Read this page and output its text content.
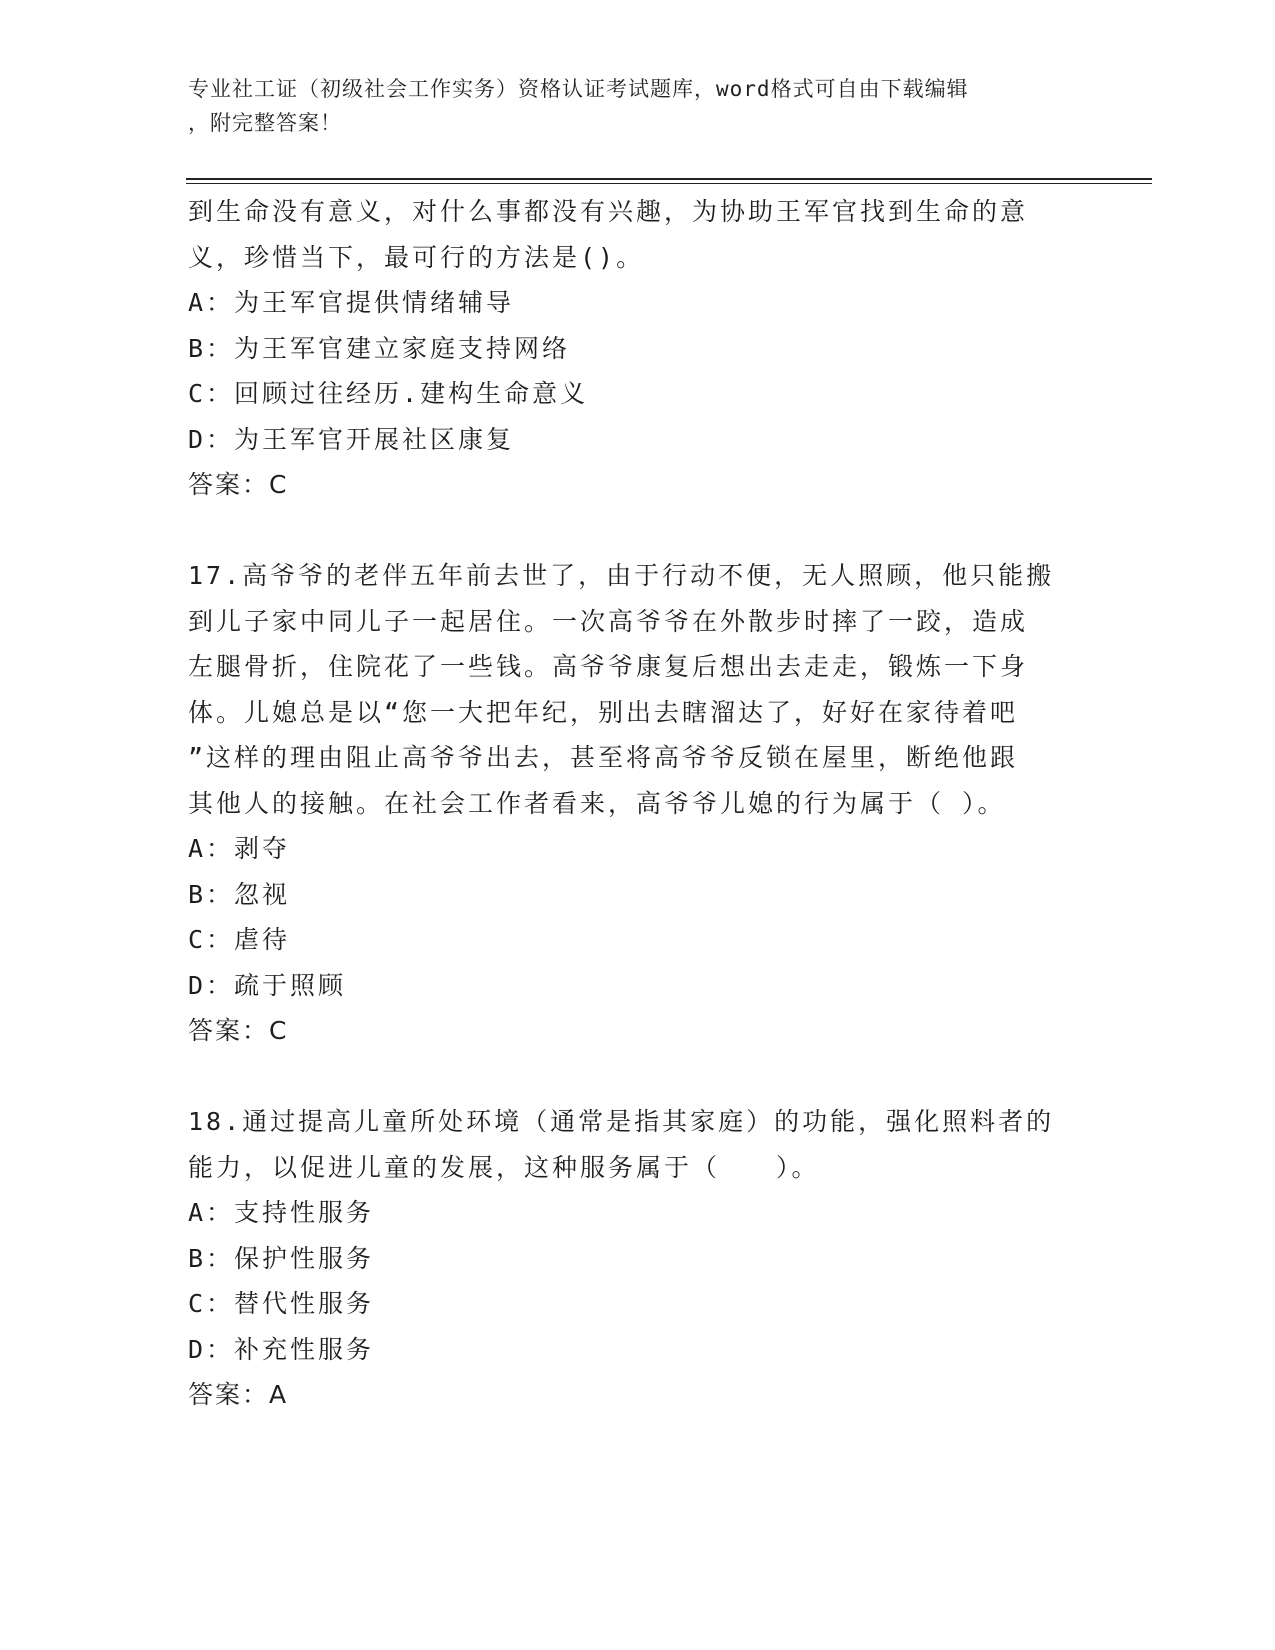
专业社工证（初级社会工作实务）资格认证考试题库，word格式可自由下载编辑
，附完整答案！

到生命没有意义，对什么事都没有兴趣，为协助王军官找到生命的意

义，珍惜当下，最可行的方法是()。

A：为王军官提供情绪辅导

B：为王军官建立家庭支持网络

C：回顾过往经历.建构生命意义

D：为王军官开展社区康复

答案：C

17.高爷爷的老伴五年前去世了，由于行动不便，无人照顾，他只能搬

到儿子家中同儿子一起居住。一次高爷爷在外散步时摔了一跤，造成

左腿骨折，住院花了一些钱。高爷爷康复后想出去走走，锻炼一下身

体。儿媳总是以“您一大把年纪，别出去瞎溜达了，好好在家待着吧

”这样的理由阻止高爷爷出去，甚至将高爷爷反锁在屋里，断绝他跟

其他人的接触。在社会工作者看来，高爷爷儿媳的行为属于（ ）。

A：剥夺

B：忽视

C：虐待

D：疏于照顾

答案：C

18.通过提高儿童所处环境（通常是指其家庭）的功能，强化照料者的

能力，以促进儿童的发展，这种服务属于（　　）。

A：支持性服务

B：保护性服务

C：替代性服务

D：补充性服务

答案：A
